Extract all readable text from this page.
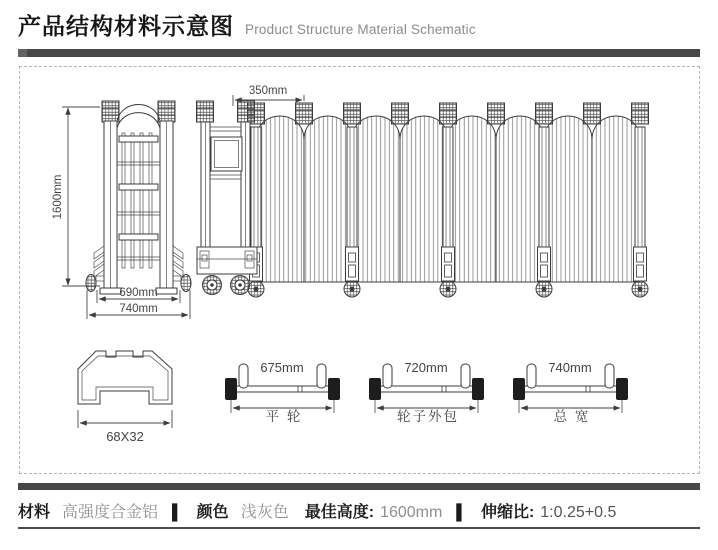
产品结构材料示意图 Product Structure Material Schematic
1600mm
690mm
740mm
350mm
68X32
675mm
平 轮
720mm
轮子外包
740mm
总 宽
材料 高强度合金铝 ▌ 颜色 浅灰色 最佳高度: 1600mm ▌ 伸缩比: 1:0.25+0.5
